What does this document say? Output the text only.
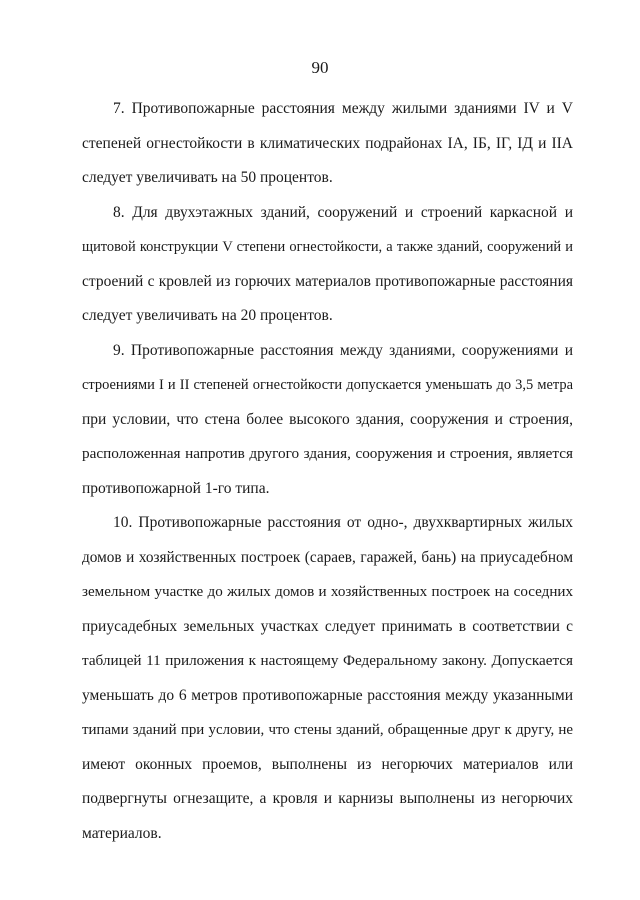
90

7. Противопожарные расстояния между жилыми зданиями IV и V
степеней огнестойкости в климатических подрайонах IА, IБ, IГ, IД и IIА
следует увеличивать на 50 процентов.

8. Для двухэтажных зданий, сооружений и строений каркасной и
щитовой конструкции V степени огнестойкости, а также зданий, сооружений и
строений с кровлей из горючих материалов противопожарные расстояния
следует увеличивать на 20 процентов.

9. Противопожарные расстояния между зданиями, сооружениями и
строениями I и II степеней огнестойкости допускается уменьшать до 3,5 метра
при условии, что стена более высокого здания, сооружения и строения,
расположенная напротив другого здания, сооружения и строения, является
противопожарной 1-го типа.

10. Противопожарные расстояния от одно-, двухквартирных жилых
домов и хозяйственных построек (сараев, гаражей, бань) на приусадебном
земельном участке до жилых домов и хозяйственных построек на соседних
приусадебных земельных участках следует принимать в соответствии с
таблицей 11 приложения к настоящему Федеральному закону. Допускается
уменьшать до 6 метров противопожарные расстояния между указанными
типами зданий при условии, что стены зданий, обращенные друг к другу, не
имеют оконных проемов, выполнены из негорючих материалов или
подвергнуты огнезащите, а кровля и карнизы выполнены из негорючих
материалов.
